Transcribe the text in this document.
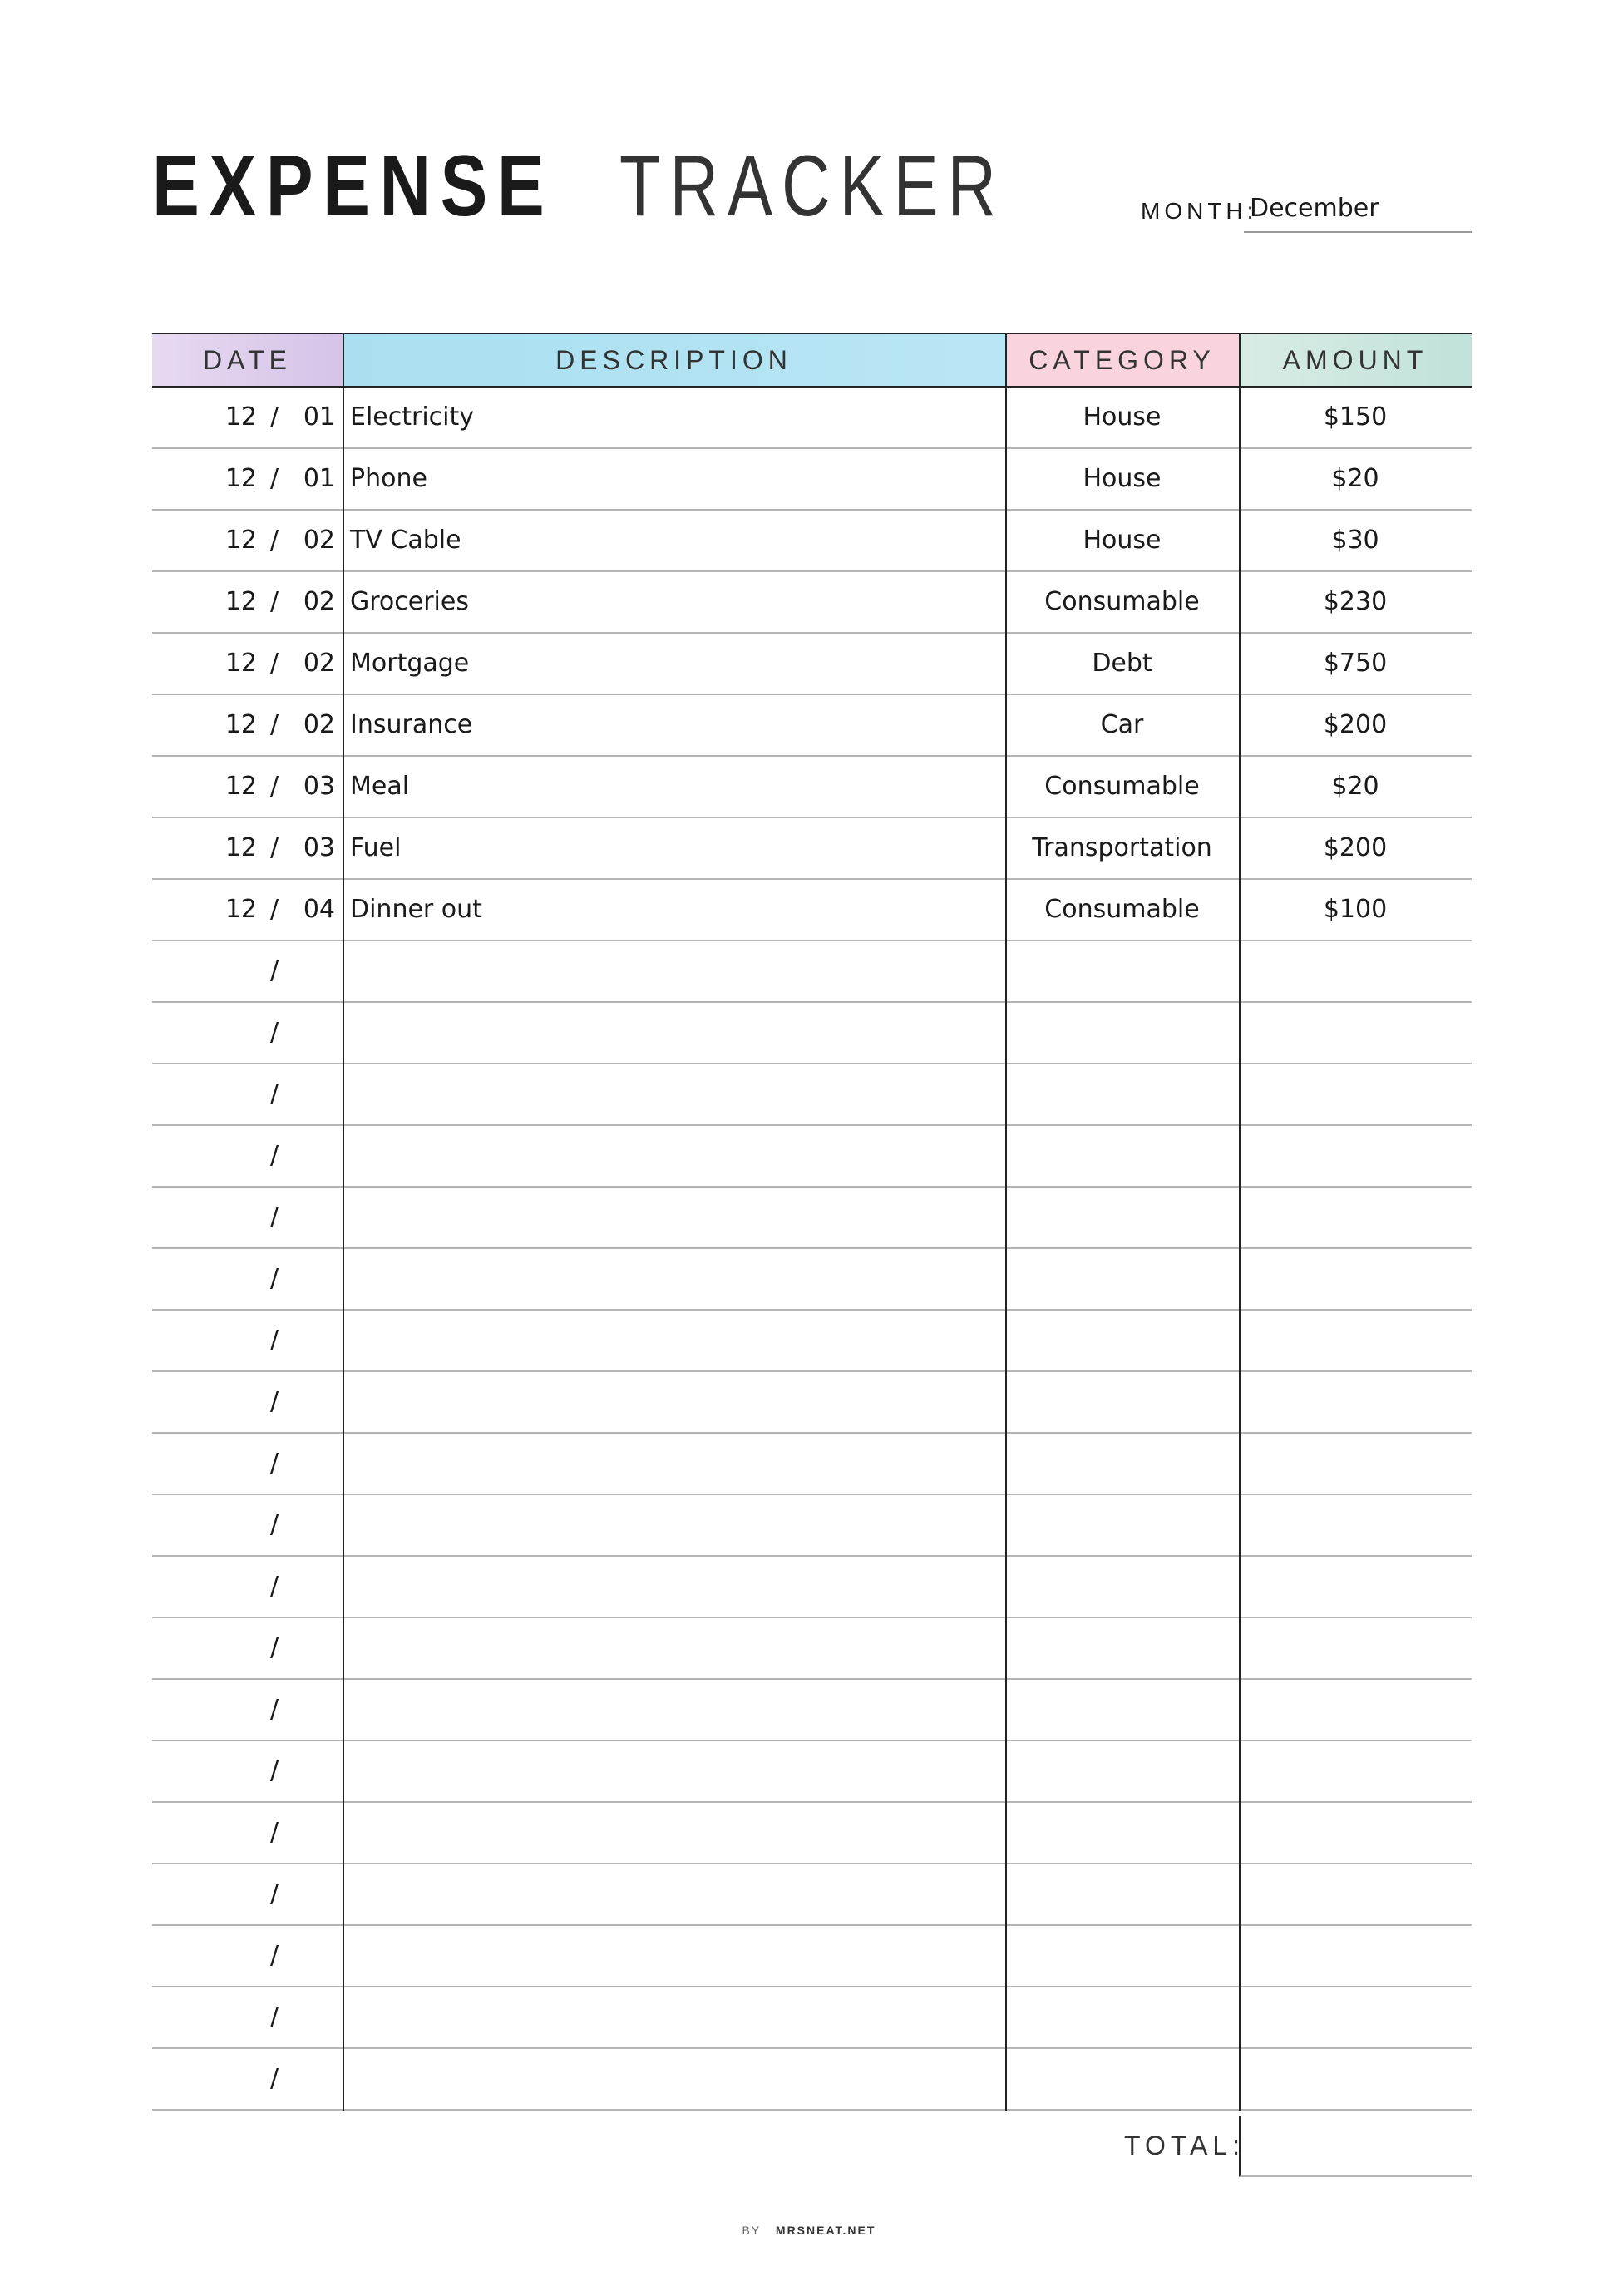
EXPENSE TRACKER	MONTH:
December
DATE	DESCRIPTION	CATEGORY	AMOUNT
12 / 01 Electricity	House	$150
12 / 01 Phone	House	$20
12 / 02 TV Cable	House	$30
12 / 02 Groceries	Consumable	$230
12 / 02 Mortgage	Debt	$750
12 / 02 Insurance	Car	$200
12 / 03 Meal	Consumable	$20
12 / 03 Fuel	Transportation	$200
12 / 04 Dinner out	Consumable	$100
/
/
/
/
/
/
/
/
/
/
/
/
/
/
/
/
/
/
/
TOTAL:
BY MRSNEAT.NET
